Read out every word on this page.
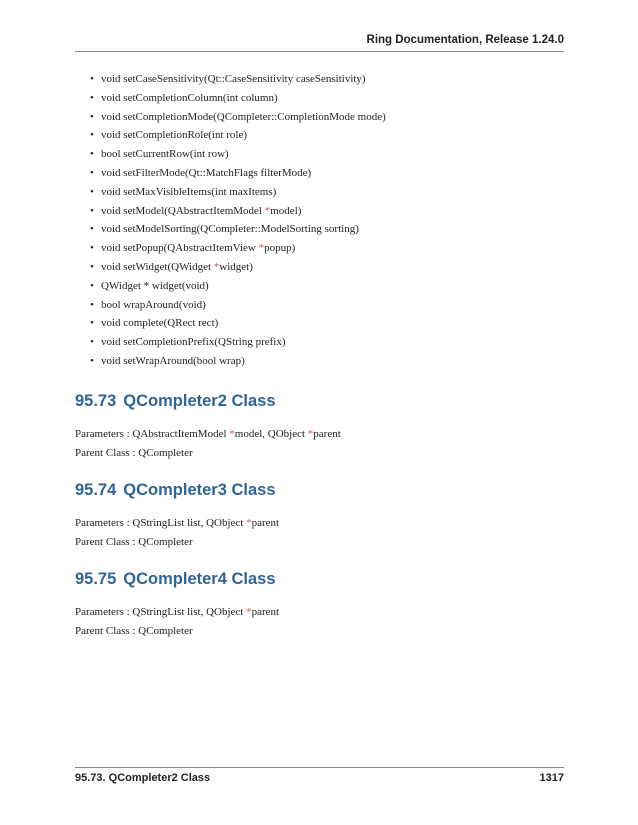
Ring Documentation, Release 1.24.0
• void setCaseSensitivity(Qt::CaseSensitivity caseSensitivity)
• void setCompletionColumn(int column)
• void setCompletionMode(QCompleter::CompletionMode mode)
• void setCompletionRole(int role)
• bool setCurrentRow(int row)
• void setFilterMode(Qt::MatchFlags filterMode)
• void setMaxVisibleItems(int maxItems)
• void setModel(QAbstractItemModel *model)
• void setModelSorting(QCompleter::ModelSorting sorting)
• void setPopup(QAbstractItemView *popup)
• void setWidget(QWidget *widget)
• QWidget * widget(void)
• bool wrapAround(void)
• void complete(QRect rect)
• void setCompletionPrefix(QString prefix)
• void setWrapAround(bool wrap)
95.73 QCompleter2 Class
Parameters : QAbstractItemModel *model, QObject *parent
Parent Class : QCompleter
95.74 QCompleter3 Class
Parameters : QStringList list, QObject *parent
Parent Class : QCompleter
95.75 QCompleter4 Class
Parameters : QStringList list, QObject *parent
Parent Class : QCompleter
95.73. QCompleter2 Class	1317
